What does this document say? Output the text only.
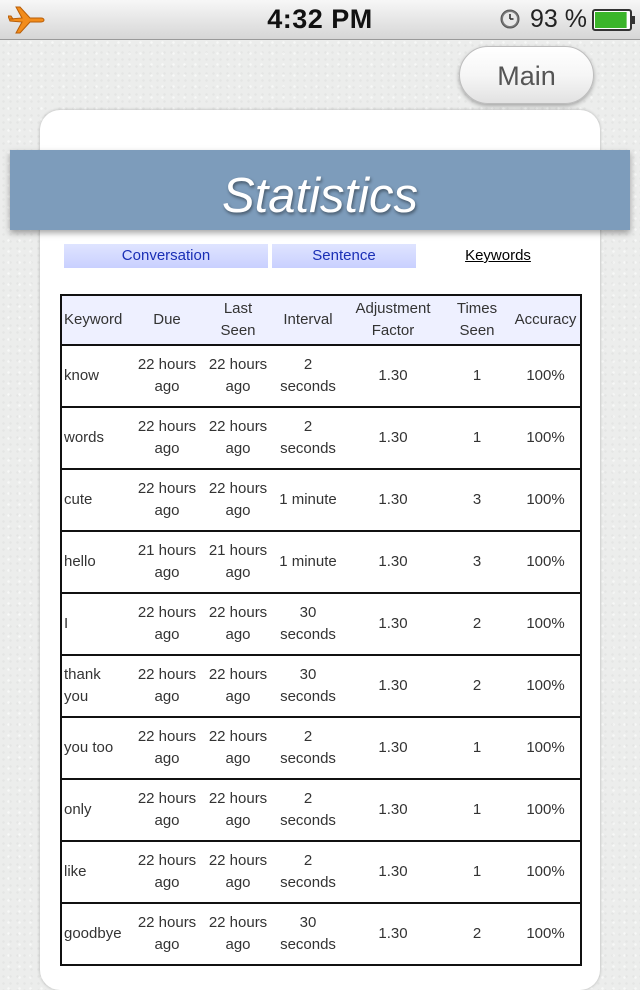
4:32 PM	93 %
Main
Statistics
Conversation	Sentence	Keywords
Keyword	Due	Last Seen	Interval	Adjustment Factor	Times Seen	Accuracy
know	22 hours ago	22 hours ago	2 seconds	1.30	1	100%
words	22 hours ago	22 hours ago	2 seconds	1.30	1	100%
cute	22 hours ago	22 hours ago	1 minute	1.30	3	100%
hello	21 hours ago	21 hours ago	1 minute	1.30	3	100%
I	22 hours ago	22 hours ago	30 seconds	1.30	2	100%
thank you	22 hours ago	22 hours ago	30 seconds	1.30	2	100%
you too	22 hours ago	22 hours ago	2 seconds	1.30	1	100%
only	22 hours ago	22 hours ago	2 seconds	1.30	1	100%
like	22 hours ago	22 hours ago	2 seconds	1.30	1	100%
goodbye	22 hours ago	22 hours ago	30 seconds	1.30	2	100%
